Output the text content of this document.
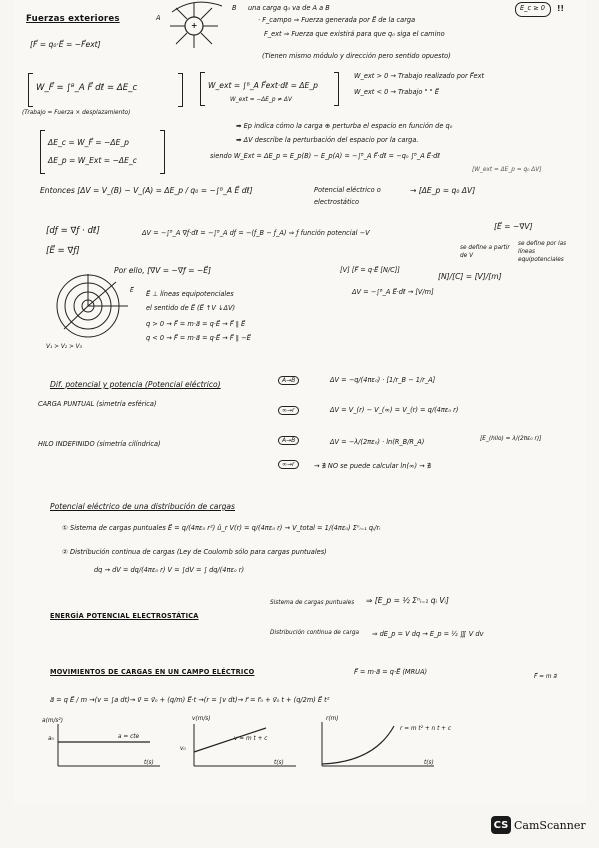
Fuerzas exteriores
+
A
B una carga q₀ va de A a B
· F_campo ⇒ Fuerza generada por E⃗ de la carga
F_ext ⇒ Fuerza que existirá para que q₀ siga el camino
(Tienen mismo módulo y dirección pero sentido opuesto)
E_c ≥ 0 !!
[F⃗ = q₀·E⃗ = −F⃗ext]
W_F⃗ = ∫ᴮ_A F⃗ dℓ⃗ = ΔE_c
(Trabajo = Fuerza × desplazamiento)
W_ext = ∫ᴮ_A F⃗ext·dℓ⃗ = ΔE_p
W_ext = −ΔE_p ≠ ΔV
W_ext > 0 → Trabajo realizado por F⃗ext
W_ext < 0 → Trabajo " " E⃗
➡ Ep indica cómo la carga ⊕ perturba el espacio en función de q₀
➡ ΔV describe la perturbación del espacio por la carga.
ΔE_c = W_F⃗ = −ΔE_p
ΔE_p = W_Ext = −ΔE_c	siendo W_Ext = ΔE_p = E_p(B) − E_p(A) = −∫ᴮ_A F⃗·dℓ⃗ = −q₀ ∫ᴮ_A E⃗·dℓ⃗
[W_ext = ΔE_p = q₀ ΔV]
Entonces [ΔV = V_(B) − V_(A) = ΔE_p / q₀ = −∫ᴮ_A E⃗ dℓ⃗]	Potencial eléctrico o electrostático
→ [ΔE_p = q₀ ΔV]
[dƒ = ∇⃗ƒ · dℓ⃗]	ΔV = −∫ᴮ_A ∇⃗ƒ·dℓ⃗ = −∫ᴮ_A dƒ = −(ƒ_B − ƒ_A) ⇒ ƒ función potencial −V
[E⃗ = −∇⃗V]
[E⃗ = ∇⃗ƒ]	se define a partir de V
se define por las líneas equipotenciales
Por ello, [∇⃗V = −∇⃗ƒ = −E⃗]	[V] [F⃗ = q·E⃗ [N/C]]
ΔV = −∫ᴮ_A E⃗·dℓ⃗ → [V/m]
[N]/[C] = [V]/[m]
E⃗
V₁ > V₂ > V₃
E⃗ ⊥ líneas equipotenciales
el sentido de E⃗ (E⃗ ↑V ↓ΔV)
q > 0 → F⃗ = m·a⃗ = q·E⃗ → F⃗ ∥ E⃗
q < 0 → F⃗ = m·a⃗ = q·E⃗ → F⃗ ∥ −E⃗
Dif. potencial y potencia (Potencial eléctrico)	A→B
∞→r
ΔV = −q/(4πε₀) · [1/r_B − 1/r_A]
CARGA PUNTUAL (simetría esférica)
ΔV = V_(r) − V_(∞) = V_(r) = q/(4πε₀ r)
HILO INDEFINIDO (simetría cilíndrica)	A→B
∞→r
ΔV = −λ/(2πε₀) · ln(R_B/R_A)	[E_(hilo) = λ/(2πε₀ r)]
→ ∄ NO se puede calcular ln(∞) → ∄
Potencial eléctrico de una distribución de cargas
① Sistema de cargas puntuales E⃗ = q/(4πε₀ r²) û_r V(r) = q/(4πε₀ r) → V_total = 1/(4πε₀) Σⁿᵢ₌₁ qᵢ/rᵢ
② Distribución continua de cargas (Ley de Coulomb sólo para cargas puntuales)
dq → dV = dq/(4πε₀ r) V = ∫dV = ∫ dq/(4πε₀ r)
ENERGÍA POTENCIAL ELECTROSTÁTICA
Sistema de cargas puntuales ⇒ [E_p = ½ Σⁿᵢ₌₁ qᵢ Vᵢ]
Distribución continua de carga ⇒ dE_p = V dq → E_p = ½ ∭ V dv
MOVIMIENTOS DE CARGAS EN UN CAMPO ELÉCTRICO	F⃗ = m·a⃗ = q·E⃗ (MRUA)
F⃗ = m a⃗
a⃗ = q E⃗ / m →(v = ∫a dt)→ v⃗ = v⃗₀ + (q/m) E⃗·t →(r = ∫v dt)→ r⃗ = r⃗₀ + v⃗₀ t + (q/2m) E⃗ t²
a(m/s²)
a₀	a = cte
t(s)
v(m/s)
v₀
v = m t + c
t(s)
r(m)
r = m t² + n t + c
t(s)
CS CamScanner
